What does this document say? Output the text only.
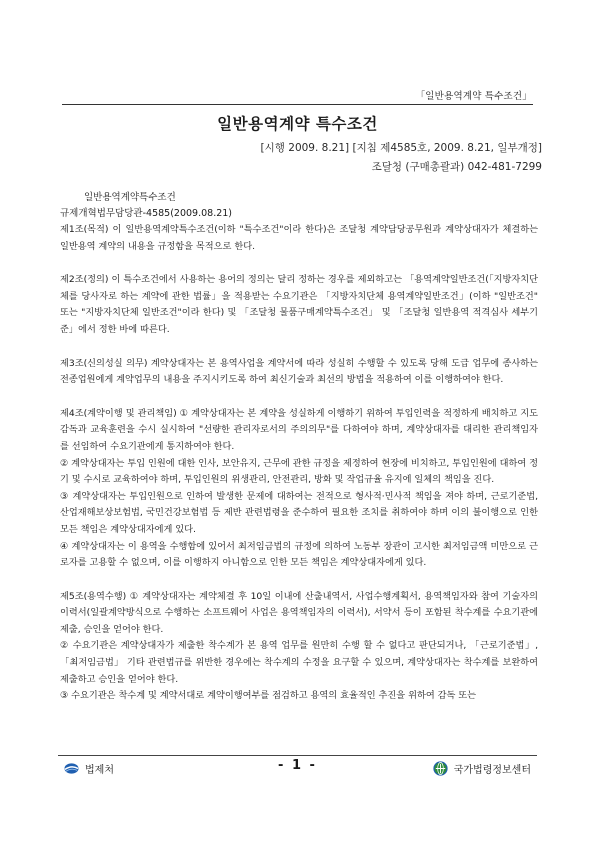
「일반용역계약 특수조건」
일반용역계약 특수조건
[시행 2009. 8.21] [지침 제4585호, 2009. 8.21, 일부개정]
조달청 (구매총괄과) 042-481-7299
일반용역계약특수조건
규제개혁법무담당관-4585(2009.08.21)

제1조(목적) 이 일반용역계약특수조건(이하 "특수조건"이라 한다)은 조달청 계약담당공무원과 계약상대자가 체결하는 일반용역 계약의 내용을 규정함을 목적으로 한다.

제2조(정의) 이 특수조건에서 사용하는 용어의 정의는 달리 정하는 경우를 제외하고는 「용역계약일반조건(「지방자치단체를 당사자로 하는 계약에 관한 법률」을 적용받는 수요기관은 「지방자치단체 용역계약일반조건」(이하 "일반조건" 또는 "지방자치단체 일반조건"이라 한다) 및 「조달청 물품구매계약특수조건」 및 「조달청 일반용역 적격심사 세부기준」에서 정한 바에 따른다.

제3조(신의성실 의무) 계약상대자는 본 용역사업을 계약서에 따라 성실히 수행할 수 있도록 당해 도급 업무에 종사하는 전종업원에게 계약업무의 내용을 주지시키도록 하여 최신기술과 최선의 방법을 적용하여 이를 이행하여야 한다.

제4조(계약이행 및 관리책임) ① 계약상대자는 본 계약을 성실하게 이행하기 위하여 투입인력을 적정하게 배치하고 지도감독과 교육훈련을 수시 실시하여 "선량한 관리자로서의 주의의무"를 다하여야 하며, 계약상대자를 대리한 관리책임자를 선임하여 수요기관에게 통지하여야 한다.

② 계약상대자는 투입 인원에 대한 인사, 보안유지, 근무에 관한 규정을 제정하여 현장에 비치하고, 투입인원에 대하여 정기 및 수시로 교육하여야 하며, 투입인원의 위생관리, 안전관리, 방화 및 작업규율 유지에 일체의 책임을 진다.

③ 계약상대자는 투입인원으로 인하여 발생한 문제에 대하여는 전적으로 형사적·민사적 책임을 져야 하며, 근로기준법, 산업재해보상보험법, 국민건강보험법 등 제반 관련법령을 준수하여 필요한 조치를 취하여야 하며 이의 불이행으로 인한 모든 책임은 계약상대자에게 있다.

④ 계약상대자는 이 용역을 수행함에 있어서 최저임금법의 규정에 의하여 노동부 장관이 고시한 최저임금액 미만으로 근로자를 고용할 수 없으며, 이를 이행하지 아니함으로 인한 모든 책임은 계약상대자에게 있다.

제5조(용역수행) ① 계약상대자는 계약체결 후 10일 이내에 산출내역서, 사업수행계획서, 용역책임자와 참여 기술자의 이력서(일괄계약방식으로 수행하는 소프트웨어 사업은 용역책임자의 이력서), 서약서 등이 포함된 착수계를 수요기관에 제출, 승인을 얻어야 한다.

② 수요기관은 계약상대자가 제출한 착수계가 본 용역 업무를 원만히 수행 할 수 없다고 판단되거나, 「근로기준법」, 「최저임금법」 기타 관련법규를 위반한 경우에는 착수계의 수정을 요구할 수 있으며, 계약상대자는 착수계를 보완하여 제출하고 승인을 얻어야 한다.

③ 수요기관은 착수계 및 계약서대로 계약이행여부를 점검하고 용역의 효율적인 추진을 위하여 감독 또는

법제처	- 1 -	국가법령정보센터
